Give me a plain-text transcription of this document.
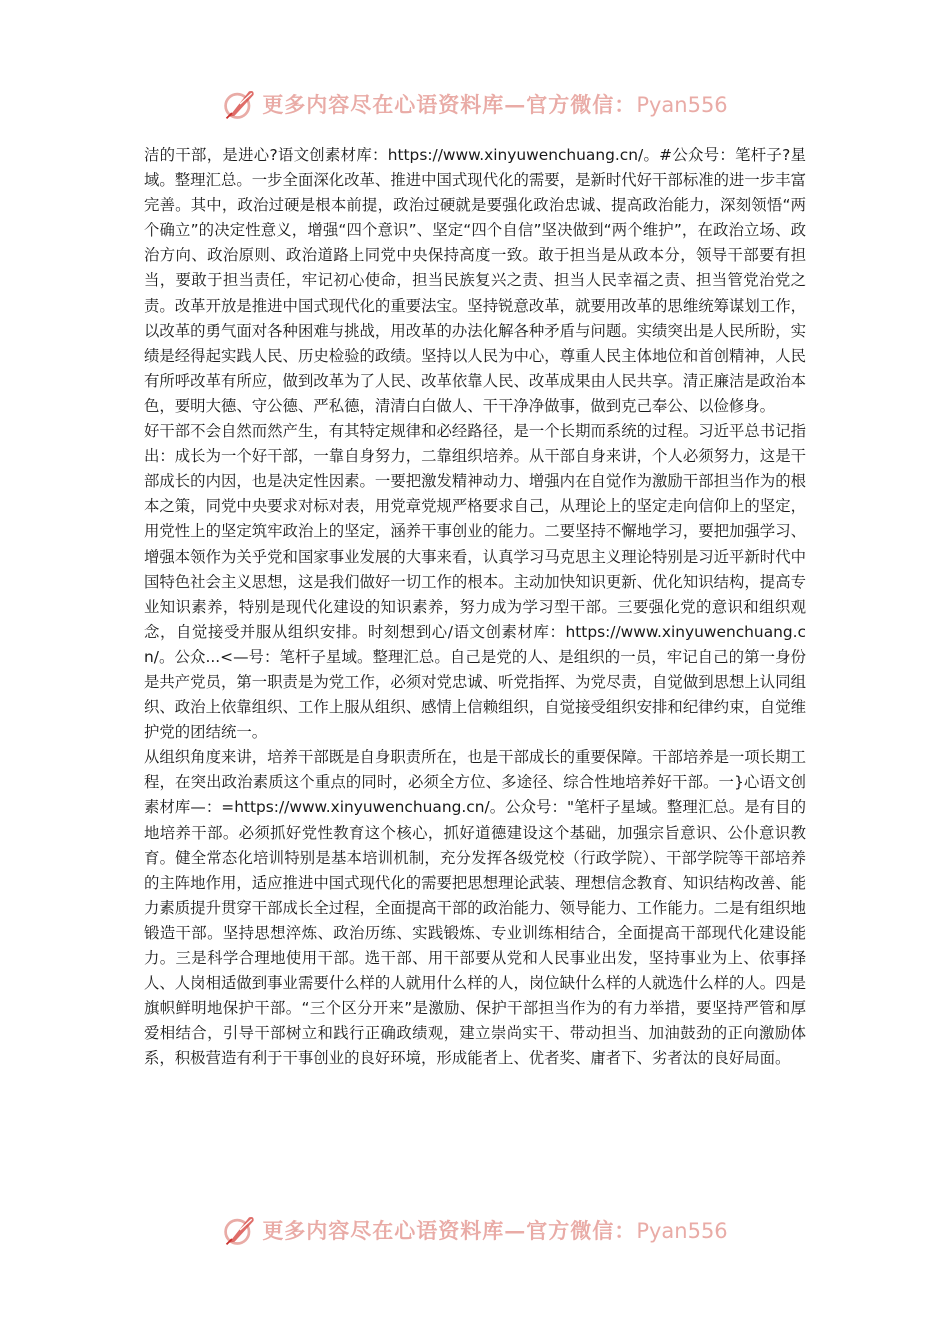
更多内容尽在心语资料库—官方微信：Pyan556

洁的干部，是进心?语文创素材库：https://www.xinyuwenchuang.cn/。#公众号：笔杆子?星域。整理汇总。一步全面深化改革、推进中国式现代化的需要，是新时代好干部标准的进一步丰富完善。其中，政治过硬是根本前提，政治过硬就是要强化政治忠诚、提高政治能力，深刻领悟“两个确立”的决定性意义，增强“四个意识”、坚定“四个自信”坚决做到“两个维护”，在政治立场、政治方向、政治原则、政治道路上同党中央保持高度一致。敢于担当是从政本分，领导干部要有担当，要敢于担当责任，牢记初心使命，担当民族复兴之责、担当人民幸福之责、担当管党治党之责。改革开放是推进中国式现代化的重要法宝。坚持锐意改革，就要用改革的思维统筹谋划工作，以改革的勇气面对各种困难与挑战，用改革的办法化解各种矛盾与问题。实绩突出是人民所盼，实绩是经得起实践人民、历史检验的政绩。坚持以人民为中心，尊重人民主体地位和首创精神，人民有所呼改革有所应，做到改革为了人民、改革依靠人民、改革成果由人民共享。清正廉洁是政治本色，要明大德、守公德、严私德，清清白白做人、干干净净做事，做到克己奉公、以俭修身。

好干部不会自然而然产生，有其特定规律和必经路径，是一个长期而系统的过程。习近平总书记指出：成长为一个好干部，一靠自身努力，二靠组织培养。从干部自身来讲，个人必须努力，这是干部成长的内因，也是决定性因素。一要把激发精神动力、增强内在自觉作为激励干部担当作为的根本之策，同党中央要求对标对表，用党章党规严格要求自己，从理论上的坚定走向信仰上的坚定，用党性上的坚定筑牢政治上的坚定，涵养干事创业的能力。二要坚持不懈地学习，要把加强学习、增强本领作为关乎党和国家事业发展的大事来看，认真学习马克思主义理论特别是习近平新时代中国特色社会主义思想，这是我们做好一切工作的根本。主动加快知识更新、优化知识结构，提高专业知识素养，特别是现代化建设的知识素养，努力成为学习型干部。三要强化党的意识和组织观念，自觉接受并服从组织安排。时刻想到心/语文创素材库：https://www.xinyuwenchuang.cn/。公众...<—号：笔杆子星域。整理汇总。自己是党的人、是组织的一员，牢记自己的第一身份是共产党员，第一职责是为党工作，必须对党忠诚、听党指挥、为党尽责，自觉做到思想上认同组织、政治上依靠组织、工作上服从组织、感情上信赖组织，自觉接受组织安排和纪律约束，自觉维护党的团结统一。

从组织角度来讲，培养干部既是自身职责所在，也是干部成长的重要保障。干部培养是一项长期工程，在突出政治素质这个重点的同时，必须全方位、多途径、综合性地培养好干部。一}心语文创素材库—：=https://www.xinyuwenchuang.cn/。公众号："笔杆子星域。整理汇总。是有目的地培养干部。必须抓好党性教育这个核心，抓好道德建设这个基础，加强宗旨意识、公仆意识教育。健全常态化培训特别是基本培训机制，充分发挥各级党校（行政学院）、干部学院等干部培养的主阵地作用，适应推进中国式现代化的需要把思想理论武装、理想信念教育、知识结构改善、能力素质提升贯穿干部成长全过程，全面提高干部的政治能力、领导能力、工作能力。二是有组织地锻造干部。坚持思想淬炼、政治历练、实践锻炼、专业训练相结合，全面提高干部现代化建设能力。三是科学合理地使用干部。选干部、用干部要从党和人民事业出发，坚持事业为上、依事择人、人岗相适做到事业需要什么样的人就用什么样的人，岗位缺什么样的人就选什么样的人。四是旗帜鲜明地保护干部。“三个区分开来”是激励、保护干部担当作为的有力举措，要坚持严管和厚爱相结合，引导干部树立和践行正确政绩观，建立崇尚实干、带动担当、加油鼓劲的正向激励体系，积极营造有利于干事创业的良好环境，形成能者上、优者奖、庸者下、劣者汰的良好局面。

更多内容尽在心语资料库—官方微信：Pyan556
